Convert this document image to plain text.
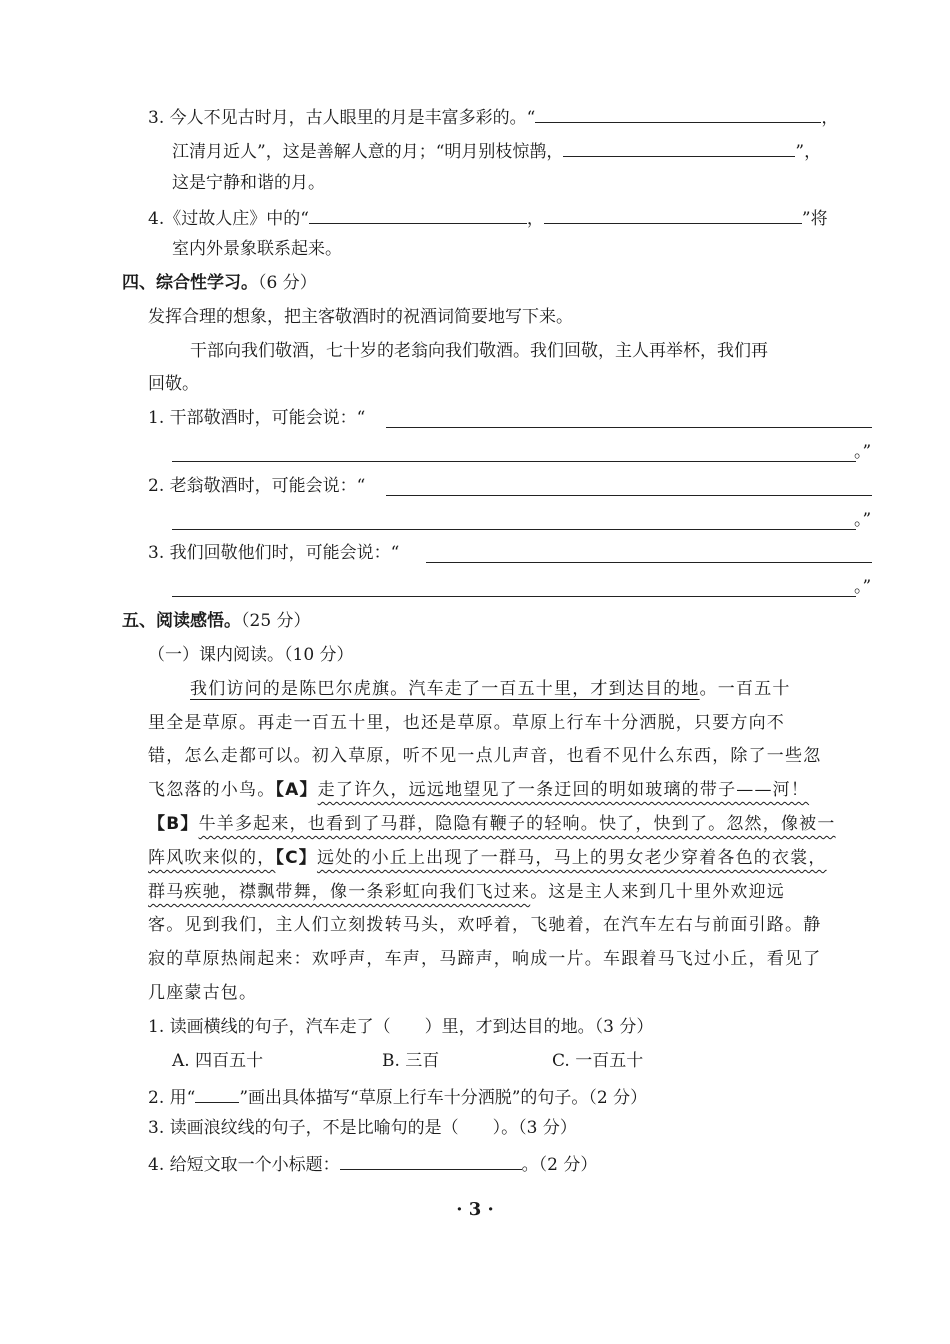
3. 今人不见古时月，古人眼里的月是丰富多彩的。“	，
江清月近人”，这是善解人意的月；“明月别枝惊鹊，	”，
这是宁静和谐的月。
4.《过故人庄》中的“	，	”将
室内外景象联系起来。
四、综合性学习。（6 分）
发挥合理的想象，把主客敬酒时的祝酒词简要地写下来。
干部向我们敬酒，七十岁的老翁向我们敬酒。我们回敬，主人再举杯，我们再
回敬。
1. 干部敬酒时，可能会说：“
。”
2. 老翁敬酒时，可能会说：“
。”
3. 我们回敬他们时，可能会说：“
。”
五、阅读感悟。（25 分）
（一）课内阅读。（10 分）
我们访问的是陈巴尔虎旗。汽车走了一百五十里，才到达目的地。一百五十
里全是草原。再走一百五十里，也还是草原。草原上行车十分洒脱，只要方向不
错，怎么走都可以。初入草原，听不见一点儿声音，也看不见什么东西，除了一些忽
飞忽落的小鸟。【A】走了许久，远远地望见了一条迂回的明如玻璃的带子——河！
【B】牛羊多起来，也看到了马群，隐隐有鞭子的轻响。快了，快到了。忽然，像被一
阵风吹来似的，【C】远处的小丘上出现了一群马，马上的男女老少穿着各色的衣裳，
群马疾驰，襟飘带舞，像一条彩虹向我们飞过来。这是主人来到几十里外欢迎远
客。见到我们，主人们立刻拨转马头，欢呼着，飞驰着，在汽车左右与前面引路。静
寂的草原热闹起来：欢呼声，车声，马蹄声，响成一片。车跟着马飞过小丘，看见了
几座蒙古包。
1. 读画横线的句子，汽车走了（　　）里，才到达目的地。（3 分）
A. 四百五十	B. 三百	C. 一百五十
2. 用“	”画出具体描写“草原上行车十分洒脱”的句子。（2 分）
3. 读画浪纹线的句子，不是比喻句的是（　　）。（3 分）
4. 给短文取一个小标题：	。（2 分）
· 3 ·
